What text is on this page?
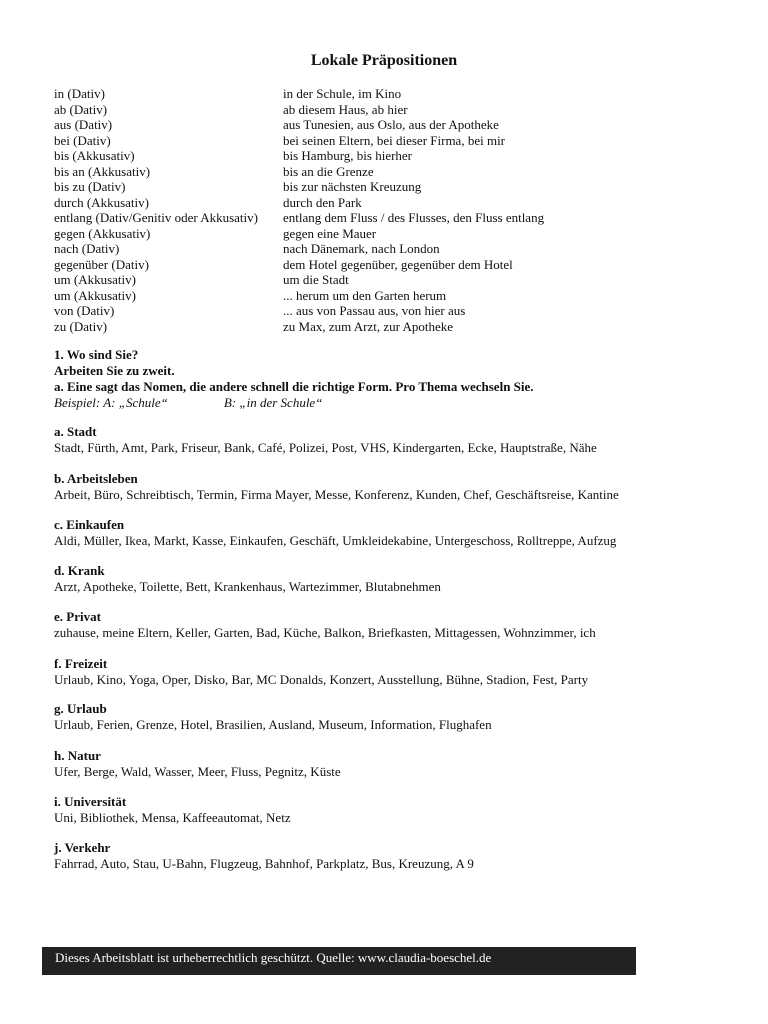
Lokale Präpositionen
in (Dativ)	in der Schule, im Kino
ab (Dativ)	ab diesem Haus, ab hier
aus (Dativ)	aus Tunesien, aus Oslo, aus der Apotheke
bei (Dativ)	bei seinen Eltern, bei dieser Firma, bei mir
bis (Akkusativ)	bis Hamburg, bis hierher
bis an (Akkusativ)	bis an die Grenze
bis zu (Dativ)	bis zur nächsten Kreuzung
durch (Akkusativ)	durch den Park
entlang (Dativ/Genitiv oder Akkusativ)	entlang dem Fluss / des Flusses, den Fluss entlang
gegen (Akkusativ)	gegen eine Mauer
nach (Dativ)	nach Dänemark, nach London
gegenüber (Dativ)	dem Hotel gegenüber, gegenüber dem Hotel
um (Akkusativ)	um die Stadt
um (Akkusativ)	... herum um den Garten herum
von (Dativ)	... aus von Passau aus, von hier aus
zu (Dativ)	zu Max, zum Arzt, zur Apotheke
1. Wo sind Sie?
Arbeiten Sie zu zweit.
a. Eine sagt das Nomen, die andere schnell die richtige Form. Pro Thema wechseln Sie.
Beispiel: A: „Schule“	B: „in der Schule“
a. Stadt
Stadt, Fürth, Amt, Park, Friseur, Bank, Café, Polizei, Post, VHS, Kindergarten, Ecke, Hauptstraße, Nähe
b. Arbeitsleben
Arbeit, Büro, Schreibtisch, Termin, Firma Mayer, Messe, Konferenz, Kunden, Chef, Geschäftsreise, Kantine
c. Einkaufen
Aldi, Müller, Ikea, Markt, Kasse, Einkaufen, Geschäft, Umkleidekabine, Untergeschoss, Rolltreppe, Aufzug
d. Krank
Arzt, Apotheke, Toilette, Bett, Krankenhaus, Wartezimmer, Blutabnehmen
e. Privat
zuhause, meine Eltern, Keller, Garten, Bad, Küche, Balkon, Briefkasten, Mittagessen, Wohnzimmer, ich
f. Freizeit
Urlaub, Kino, Yoga, Oper, Disko, Bar, MC Donalds, Konzert, Ausstellung, Bühne, Stadion, Fest, Party
g. Urlaub
Urlaub, Ferien, Grenze, Hotel, Brasilien, Ausland, Museum, Information, Flughafen
h. Natur
Ufer, Berge, Wald, Wasser, Meer, Fluss, Pegnitz, Küste
i. Universität
Uni, Bibliothek, Mensa, Kaffeeautomat, Netz
j. Verkehr
Fahrrad, Auto, Stau, U-Bahn, Flugzeug, Bahnhof, Parkplatz, Bus, Kreuzung, A 9
Dieses Arbeitsblatt ist urheberrechtlich geschützt. Quelle: www.claudia-boeschel.de
